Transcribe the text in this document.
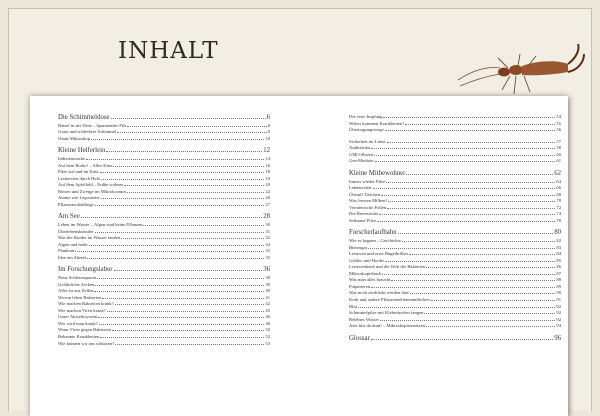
INHALT
Die Schimmeldose	6
Rätsel in der Dose – Spannender Pilz	6
Guter und schlechter Schimmel	9
Omas Mikroskop	10
Kleine Helferlein	12
Indizienssuche	14
Auf dem Bioho! – Alles Käse	16
Pilze auf und im Käse	18
Leckereien durch Hefe	19
Auf dem Apfelfeld – Erdbe wohner	20
Riesen und Zwerge im Mikrokosmos	22
Atome wie Legosteine	26
Pflanzenschädlinge	27
Am See	28
Leben im Wasser – Algen sind keine Pflanzen	30
Überlebenskünstler	31
Was die Kinder im Wasser fanden	32
Algen und mehr	34
Plankton	35
Idee am Abend	35
Im Forschungslabor	36
Neue Schleimspuren	38
Gefährliche Zecken	39
Alles ist aus Zellen	40
Wovon leben Bakterien	41
Wie machen Bakterien krank?	42
Wie machen Viren krank?	45
Unser Abwehrsystem	46
Wie wird man krank?	48
Wenn Viren gegen Bakterien	50
Bekannte Krankheiten	52
Wie können wir uns schützen?	53
Die erste Impfung	54
Woher kommen Krankheiten?	55
Übertragungswege	56
Sicherheit im Labor	57
Antibiotika	58
GMO-Bisien	60
Gen-Medizin	61
Kleine Mitbewohner	62
Immer wieder Pilze	64
Lebensretter	66
Überall Tierchen	68
Was fressen Milben?	70
Verräterische Pollen	72
Die Beweislette	74
Seltsame Pilze	78
Forscherlaufbahn	80
Wie es begann – Geschichte	82
Bierzugas	83
Leeuwen und erste Bügelbrillen	84
Galileo und Hooke	85
Leeuwenhoek und die Welt der Bakterien	86
Mikroskopiebuch	87
Was man alles braucht	88
Präparieren	89
Was nicht zerdrückt werden darf	90
Kork und andere Pflanzenzellenrennflecken	91
Blut	92
Schimmelpilze mit Klebestreifen fangen	92
Belebtes Wasser	92
Jetzt bist du dran! – Mikroskopiernotizen	94
Glossar	96
